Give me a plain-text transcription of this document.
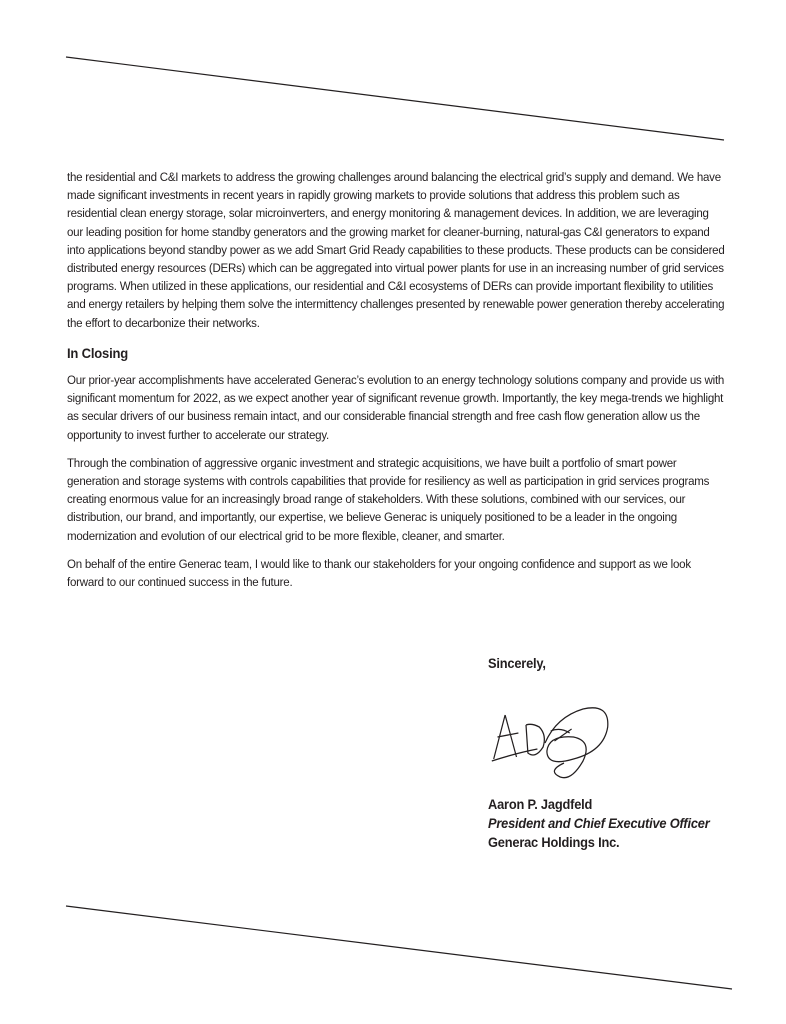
the residential and C&I markets to address the growing challenges around balancing the electrical grid’s supply and demand. We have made significant investments in recent years in rapidly growing markets to provide solutions that address this problem such as residential clean energy storage, solar microinverters, and energy monitoring & management devices. In addition, we are leveraging our leading position for home standby generators and the growing market for cleaner-burning, natural-gas C&I generators to expand into applications beyond standby power as we add Smart Grid Ready capabilities to these products. These products can be considered distributed energy resources (DERs) which can be aggregated into virtual power plants for use in an increasing number of grid services programs. When utilized in these applications, our residential and C&I ecosystems of DERs can provide important flexibility to utilities and energy retailers by helping them solve the intermittency challenges presented by renewable power generation thereby accelerating the effort to decarbonize their networks.

In Closing

Our prior-year accomplishments have accelerated Generac’s evolution to an energy technology solutions company and provide us with significant momentum for 2022, as we expect another year of significant revenue growth. Importantly, the key mega-trends we highlight as secular drivers of our business remain intact, and our considerable financial strength and free cash flow generation allow us the opportunity to invest further to accelerate our strategy.

Through the combination of aggressive organic investment and strategic acquisitions, we have built a portfolio of smart power generation and storage systems with controls capabilities that provide for resiliency as well as participation in grid services programs creating enormous value for an increasingly broad range of stakeholders. With these solutions, combined with our services, our distribution, our brand, and importantly, our expertise, we believe Generac is uniquely positioned to be a leader in the ongoing modernization and evolution of our electrical grid to be more flexible, cleaner, and smarter.

On behalf of the entire Generac team, I would like to thank our stakeholders for your ongoing confidence and support as we look forward to our continued success in the future.

Sincerely,
Aaron P. Jagdfeld
President and Chief Executive Officer
Generac Holdings Inc.
